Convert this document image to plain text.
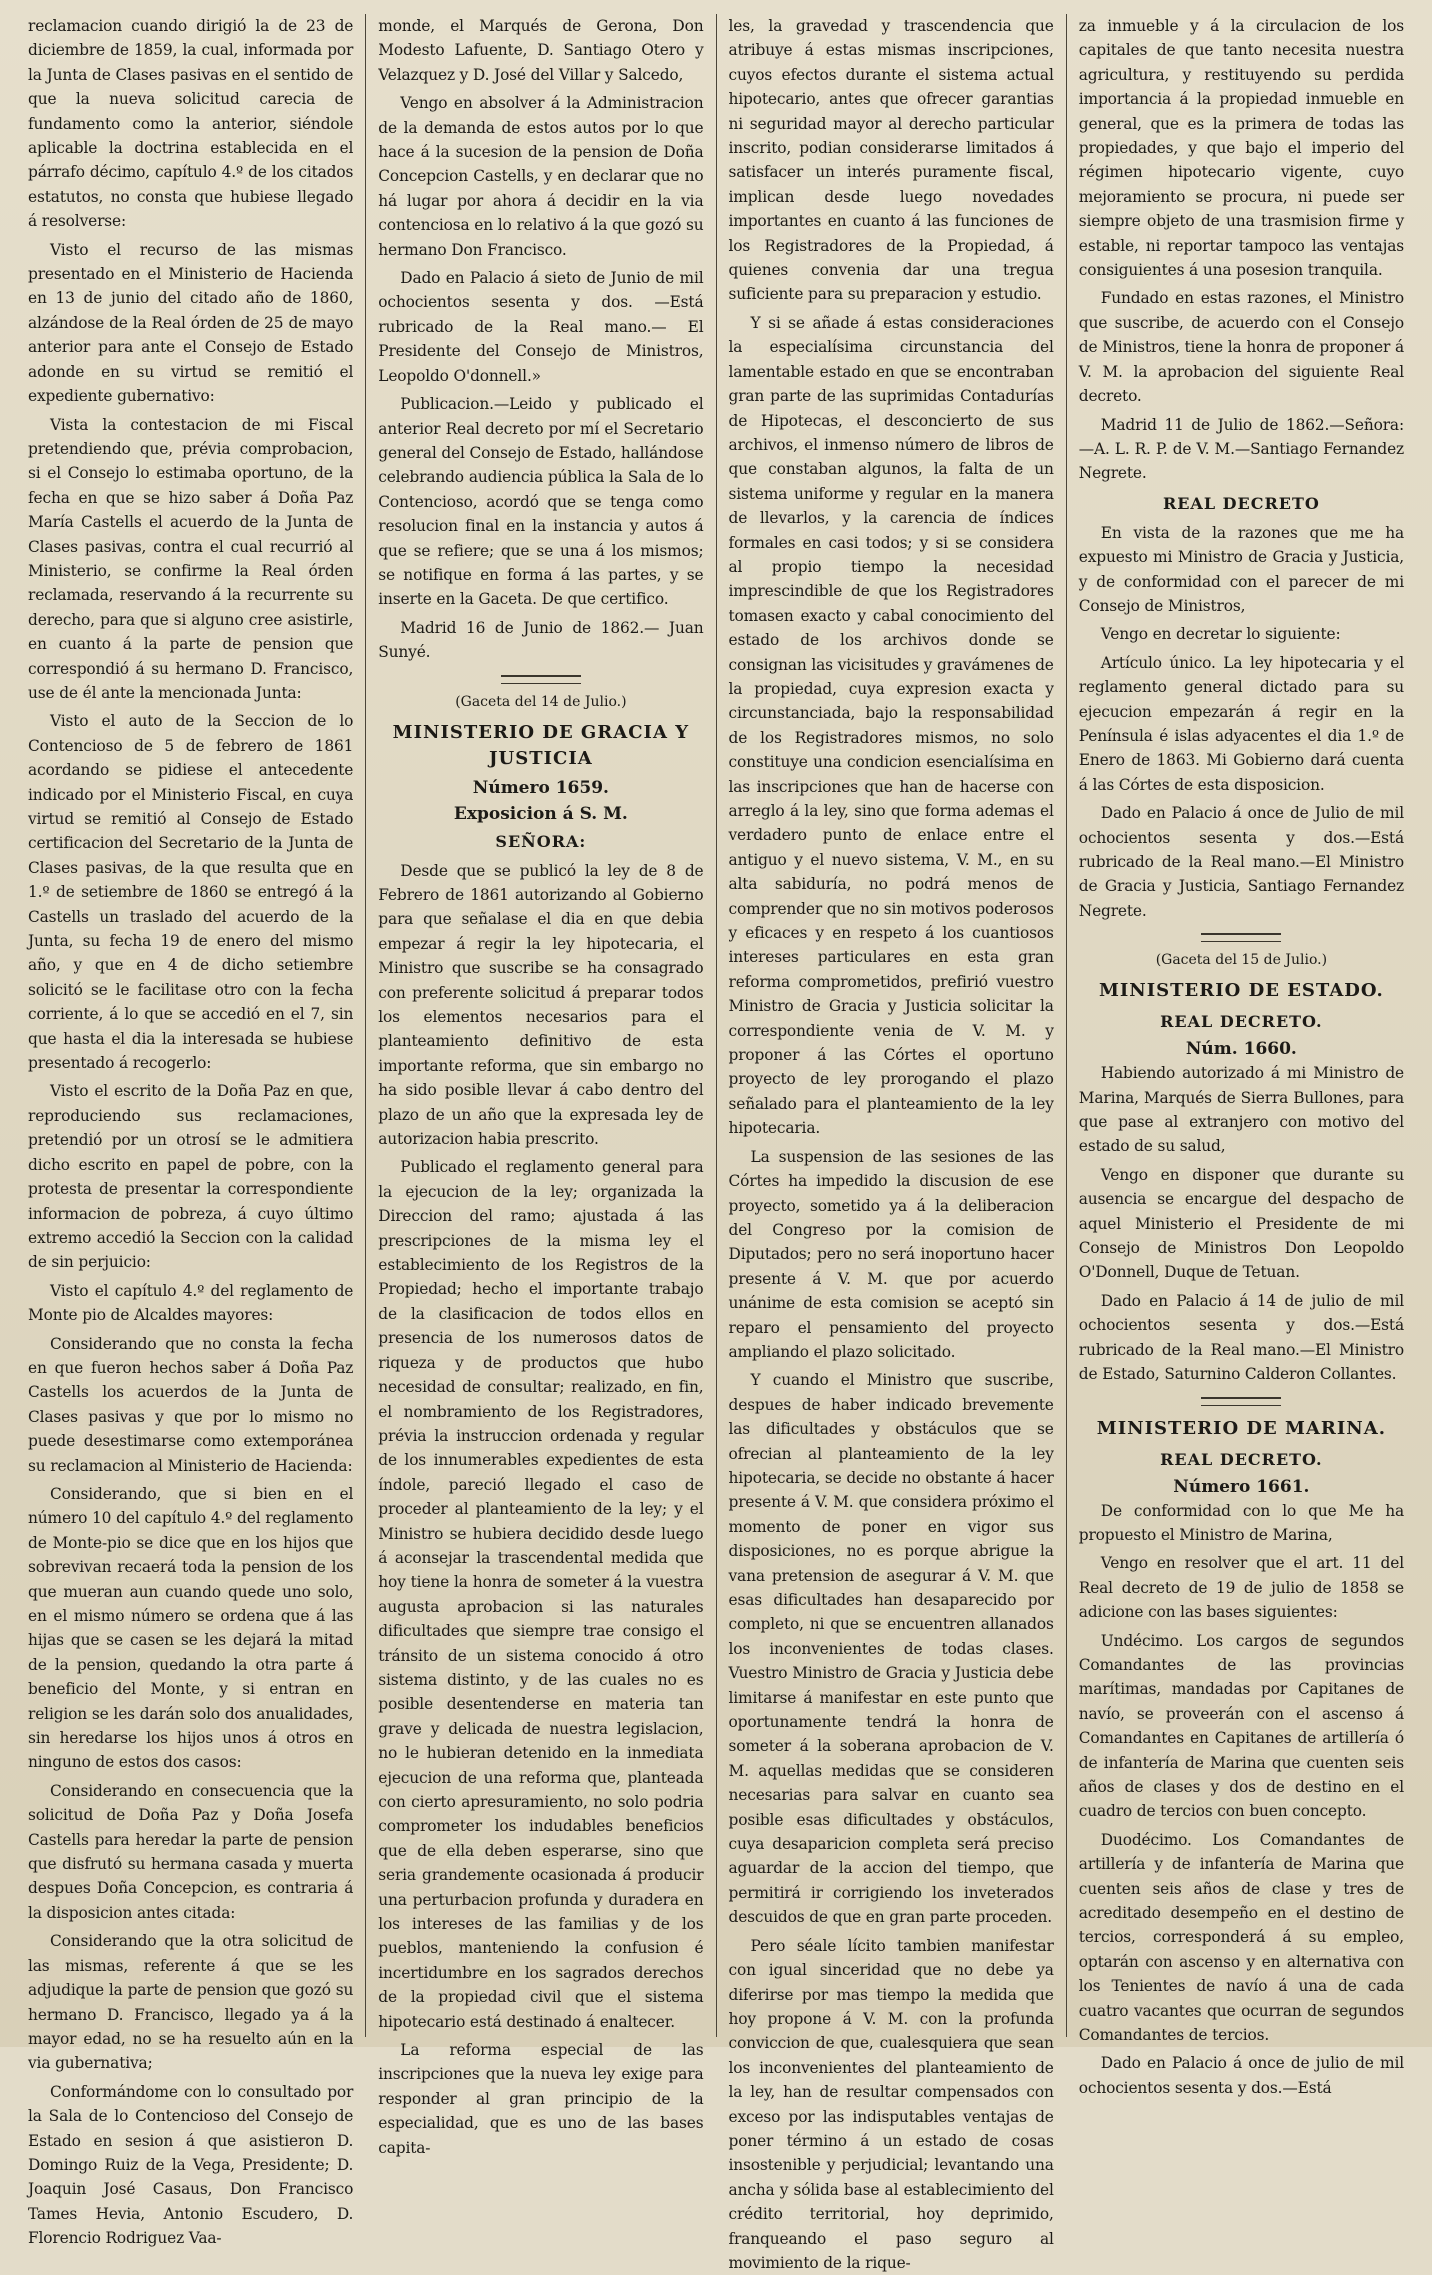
reclamacion cuando dirigió la de 23 de diciembre de 1859, la cual, informada por la Junta de Clases pasivas en el sentido de que la nueva solicitud carecia de fundamento como la anterior, siéndole aplicable la doctrina establecida en el párrafo décimo, capítulo 4.º de los citados estatutos, no consta que hubiese llegado á resolverse:

Visto el recurso de las mismas presentado en el Ministerio de Hacienda en 13 de junio del citado año de 1860, alzándose de la Real órden de 25 de mayo anterior para ante el Consejo de Estado adonde en su virtud se remitió el expediente gubernativo:

Vista la contestacion de mi Fiscal pretendiendo que, prévia comprobacion, si el Consejo lo estimaba oportuno, de la fecha en que se hizo saber á Doña Paz María Castells el acuerdo de la Junta de Clases pasivas, contra el cual recurrió al Ministerio, se confirme la Real órden reclamada, reservando á la recurrente su derecho, para que si alguno cree asistirle, en cuanto á la parte de pension que correspondió á su hermano D. Francisco, use de él ante la mencionada Junta:

Visto el auto de la Seccion de lo Contencioso de 5 de febrero de 1861 acordando se pidiese el antecedente indicado por el Ministerio Fiscal, en cuya virtud se remitió al Consejo de Estado certificacion del Secretario de la Junta de Clases pasivas, de la que resulta que en 1.º de setiembre de 1860 se entregó á la Castells un traslado del acuerdo de la Junta, su fecha 19 de enero del mismo año, y que en 4 de dicho setiembre solicitó se le facilitase otro con la fecha corriente, á lo que se accedió en el 7, sin que hasta el dia la interesada se hubiese presentado á recogerlo:

Visto el escrito de la Doña Paz en que, reproduciendo sus reclamaciones, pretendió por un otrosí se le admitiera dicho escrito en papel de pobre, con la protesta de presentar la correspondiente informacion de pobreza, á cuyo último extremo accedió la Seccion con la calidad de sin perjuicio:

Visto el capítulo 4.º del reglamento de Monte pio de Alcaldes mayores:

Considerando que no consta la fecha en que fueron hechos saber á Doña Paz Castells los acuerdos de la Junta de Clases pasivas y que por lo mismo no puede desestimarse como extemporánea su reclamacion al Ministerio de Hacienda:

Considerando, que si bien en el número 10 del capítulo 4.º del reglamento de Monte-pio se dice que en los hijos que sobrevivan recaerá toda la pension de los que mueran aun cuando quede uno solo, en el mismo número se ordena que á las hijas que se casen se les dejará la mitad de la pension, quedando la otra parte á beneficio del Monte, y si entran en religion se les darán solo dos anualidades, sin heredarse los hijos unos á otros en ninguno de estos dos casos:

Considerando en consecuencia que la solicitud de Doña Paz y Doña Josefa Castells para heredar la parte de pension que disfrutó su hermana casada y muerta despues Doña Concepcion, es contraria á la disposicion antes citada:

Considerando que la otra solicitud de las mismas, referente á que se les adjudique la parte de pension que gozó su hermano D. Francisco, llegado ya á la mayor edad, no se ha resuelto aún en la via gubernativa;

Conformándome con lo consultado por la Sala de lo Contencioso del Consejo de Estado en sesion á que asistieron D. Domingo Ruiz de la Vega, Presidente; D. Joaquin José Casaus, Don Francisco Tames Hevia, Antonio Escudero, D. Florencio Rodriguez Vaa-

monde, el Marqués de Gerona, Don Modesto Lafuente, D. Santiago Otero y Velazquez y D. José del Villar y Salcedo,

Vengo en absolver á la Administracion de la demanda de estos autos por lo que hace á la sucesion de la pension de Doña Concepcion Castells, y en declarar que no há lugar por ahora á decidir en la via contenciosa en lo relativo á la que gozó su hermano Don Francisco.

Dado en Palacio á sieto de Junio de mil ochocientos sesenta y dos. —Está rubricado de la Real mano.— El Presidente del Consejo de Ministros, Leopoldo O'donnell.»

Publicacion.—Leido y publicado el anterior Real decreto por mí el Secretario general del Consejo de Estado, hallándose celebrando audiencia pública la Sala de lo Contencioso, acordó que se tenga como resolucion final en la instancia y autos á que se refiere; que se una á los mismos; se notifique en forma á las partes, y se inserte en la Gaceta. De que certifico.

Madrid 16 de Junio de 1862.— Juan Sunyé.

(Gaceta del 14 de Julio.)
MINISTERIO DE GRACIA Y JUSTICIA
Número 1659.
Exposicion á S. M.
SEÑORA:

Desde que se publicó la ley de 8 de Febrero de 1861 autorizando al Gobierno para que señalase el dia en que debia empezar á regir la ley hipotecaria, el Ministro que suscribe se ha consagrado con preferente solicitud á preparar todos los elementos necesarios para el planteamiento definitivo de esta importante reforma, que sin embargo no ha sido posible llevar á cabo dentro del plazo de un año que la expresada ley de autorizacion habia prescrito.

Publicado el reglamento general para la ejecucion de la ley; organizada la Direccion del ramo; ajustada á las prescripciones de la misma ley el establecimiento de los Registros de la Propiedad; hecho el importante trabajo de la clasificacion de todos ellos en presencia de los numerosos datos de riqueza y de productos que hubo necesidad de consultar; realizado, en fin, el nombramiento de los Registradores, prévia la instruccion ordenada y regular de los innumerables expedientes de esta índole, pareció llegado el caso de proceder al planteamiento de la ley; y el Ministro se hubiera decidido desde luego á aconsejar la trascendental medida que hoy tiene la honra de someter á la vuestra augusta aprobacion si las naturales dificultades que siempre trae consigo el tránsito de un sistema conocido á otro sistema distinto, y de las cuales no es posible desentenderse en materia tan grave y delicada de nuestra legislacion, no le hubieran detenido en la inmediata ejecucion de una reforma que, planteada con cierto apresuramiento, no solo podria comprometer los indudables beneficios que de ella deben esperarse, sino que seria grandemente ocasionada á producir una perturbacion profunda y duradera en los intereses de las familias y de los pueblos, manteniendo la confusion é incertidumbre en los sagrados derechos de la propiedad civil que el sistema hipotecario está destinado á enaltecer.

La reforma especial de las inscripciones que la nueva ley exige para responder al gran principio de la especialidad, que es uno de las bases capita-

les, la gravedad y trascendencia que atribuye á estas mismas inscripciones, cuyos efectos durante el sistema actual hipotecario, antes que ofrecer garantias ni seguridad mayor al derecho particular inscrito, podian considerarse limitados á satisfacer un interés puramente fiscal, implican desde luego novedades importantes en cuanto á las funciones de los Registradores de la Propiedad, á quienes convenia dar una tregua suficiente para su preparacion y estudio.

Y si se añade á estas consideraciones la especialísima circunstancia del lamentable estado en que se encontraban gran parte de las suprimidas Contadurías de Hipotecas, el desconcierto de sus archivos, el inmenso número de libros de que constaban algunos, la falta de un sistema uniforme y regular en la manera de llevarlos, y la carencia de índices formales en casi todos; y si se considera al propio tiempo la necesidad imprescindible de que los Registradores tomasen exacto y cabal conocimiento del estado de los archivos donde se consignan las vicisitudes y gravámenes de la propiedad, cuya expresion exacta y circunstanciada, bajo la responsabilidad de los Registradores mismos, no solo constituye una condicion esencialísima en las inscripciones que han de hacerse con arreglo á la ley, sino que forma ademas el verdadero punto de enlace entre el antiguo y el nuevo sistema, V. M., en su alta sabiduría, no podrá menos de comprender que no sin motivos poderosos y eficaces y en respeto á los cuantiosos intereses particulares en esta gran reforma comprometidos, prefirió vuestro Ministro de Gracia y Justicia solicitar la correspondiente venia de V. M. y proponer á las Córtes el oportuno proyecto de ley prorogando el plazo señalado para el planteamiento de la ley hipotecaria.

La suspension de las sesiones de las Córtes ha impedido la discusion de ese proyecto, sometido ya á la deliberacion del Congreso por la comision de Diputados; pero no será inoportuno hacer presente á V. M. que por acuerdo unánime de esta comision se aceptó sin reparo el pensamiento del proyecto ampliando el plazo solicitado.

Y cuando el Ministro que suscribe, despues de haber indicado brevemente las dificultades y obstáculos que se ofrecian al planteamiento de la ley hipotecaria, se decide no obstante á hacer presente á V. M. que considera próximo el momento de poner en vigor sus disposiciones, no es porque abrigue la vana pretension de asegurar á V. M. que esas dificultades han desaparecido por completo, ni que se encuentren allanados los inconvenientes de todas clases. Vuestro Ministro de Gracia y Justicia debe limitarse á manifestar en este punto que oportunamente tendrá la honra de someter á la soberana aprobacion de V. M. aquellas medidas que se consideren necesarias para salvar en cuanto sea posible esas dificultades y obstáculos, cuya desaparicion completa será preciso aguardar de la accion del tiempo, que permitirá ir corrigiendo los inveterados descuidos de que en gran parte proceden.

Pero séale lícito tambien manifestar con igual sinceridad que no debe ya diferirse por mas tiempo la medida que hoy propone á V. M. con la profunda conviccion de que, cualesquiera que sean los inconvenientes del planteamiento de la ley, han de resultar compensados con exceso por las indisputables ventajas de poner término á un estado de cosas insostenible y perjudicial; levantando una ancha y sólida base al establecimiento del crédito territorial, hoy deprimido, franqueando el paso seguro al movimiento de la rique-

za inmueble y á la circulacion de los capitales de que tanto necesita nuestra agricultura, y restituyendo su perdida importancia á la propiedad inmueble en general, que es la primera de todas las propiedades, y que bajo el imperio del régimen hipotecario vigente, cuyo mejoramiento se procura, ni puede ser siempre objeto de una trasmision firme y estable, ni reportar tampoco las ventajas consiguientes á una posesion tranquila.

Fundado en estas razones, el Ministro que suscribe, de acuerdo con el Consejo de Ministros, tiene la honra de proponer á V. M. la aprobacion del siguiente Real decreto.

Madrid 11 de Julio de 1862.—Señora:—A. L. R. P. de V. M.—Santiago Fernandez Negrete.

REAL DECRETO

En vista de la razones que me ha expuesto mi Ministro de Gracia y Justicia, y de conformidad con el parecer de mi Consejo de Ministros,

Vengo en decretar lo siguiente:

Artículo único. La ley hipotecaria y el reglamento general dictado para su ejecucion empezarán á regir en la Península é islas adyacentes el dia 1.º de Enero de 1863. Mi Gobierno dará cuenta á las Córtes de esta disposicion.

Dado en Palacio á once de Julio de mil ochocientos sesenta y dos.—Está rubricado de la Real mano.—El Ministro de Gracia y Justicia, Santiago Fernandez Negrete.

(Gaceta del 15 de Julio.)
MINISTERIO DE ESTADO.
REAL DECRETO.
Núm. 1660.

Habiendo autorizado á mi Ministro de Marina, Marqués de Sierra Bullones, para que pase al extranjero con motivo del estado de su salud,

Vengo en disponer que durante su ausencia se encargue del despacho de aquel Ministerio el Presidente de mi Consejo de Ministros Don Leopoldo O'Donnell, Duque de Tetuan.

Dado en Palacio á 14 de julio de mil ochocientos sesenta y dos.—Está rubricado de la Real mano.—El Ministro de Estado, Saturnino Calderon Collantes.

MINISTERIO DE MARINA.
REAL DECRETO.
Número 1661.

De conformidad con lo que Me ha propuesto el Ministro de Marina,

Vengo en resolver que el art. 11 del Real decreto de 19 de julio de 1858 se adicione con las bases siguientes:

Undécimo. Los cargos de segundos Comandantes de las provincias marítimas, mandadas por Capitanes de navío, se proveerán con el ascenso á Comandantes en Capitanes de artillería ó de infantería de Marina que cuenten seis años de clases y dos de destino en el cuadro de tercios con buen concepto.

Duodécimo. Los Comandantes de artillería y de infantería de Marina que cuenten seis años de clase y tres de acreditado desempeño en el destino de tercios, corresponderá á su empleo, optarán con ascenso y en alternativa con los Tenientes de navío á una de cada cuatro vacantes que ocurran de segundos Comandantes de tercios.

Dado en Palacio á once de julio de mil ochocientos sesenta y dos.—Está
